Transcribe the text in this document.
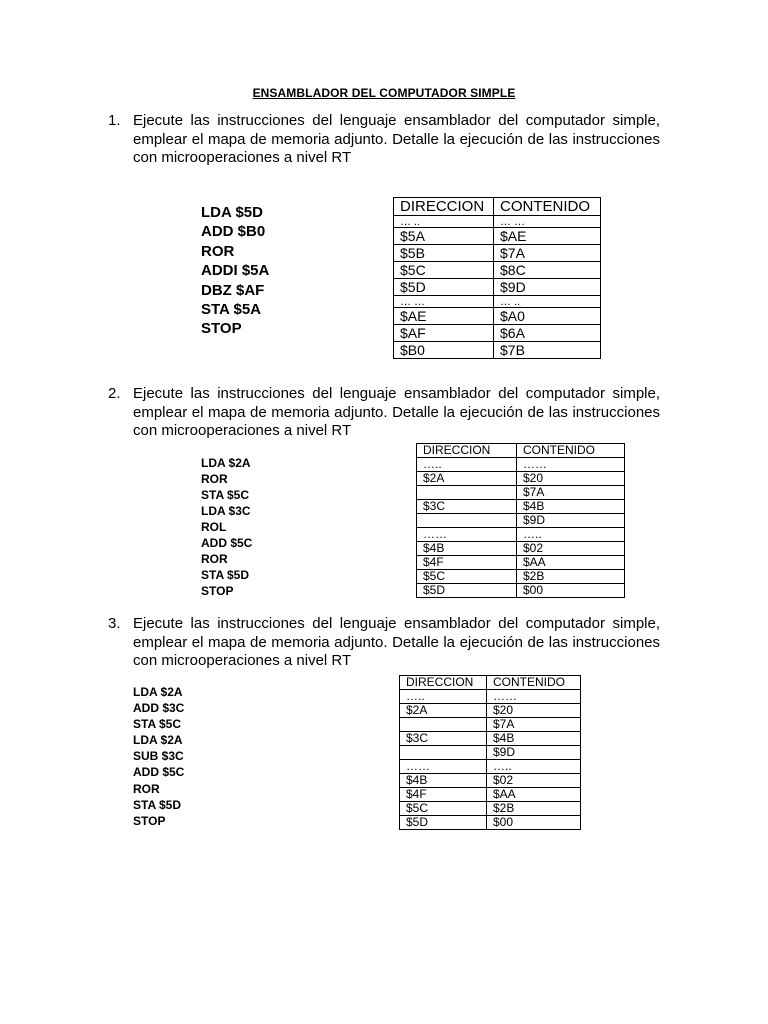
ENSAMBLADOR DEL COMPUTADOR SIMPLE
1. Ejecute las instrucciones del lenguaje ensamblador del computador simple, emplear el mapa de memoria adjunto. Detalle la ejecución de las instrucciones con microoperaciones a nivel RT
LDA $5D
ADD $B0
ROR
ADDI $5A
DBZ $AF
STA $5A
STOP
DIRECCION	CONTENIDO
… ..	… …
$5A	$AE
$5B	$7A
$5C	$8C
$5D	$9D
… …	… ..
$AE	$A0
$AF	$6A
$B0	$7B
2. Ejecute las instrucciones del lenguaje ensamblador del computador simple, emplear el mapa de memoria adjunto. Detalle la ejecución de las instrucciones con microoperaciones a nivel RT
LDA $2A
ROR
STA $5C
LDA $3C
ROL
ADD $5C
ROR
STA $5D
STOP
DIRECCION	CONTENIDO
…..	……
$2A	$20
	$7A
$3C	$4B
	$9D
……	…..
$4B	$02
$4F	$AA
$5C	$2B
$5D	$00
3. Ejecute las instrucciones del lenguaje ensamblador del computador simple, emplear el mapa de memoria adjunto. Detalle la ejecución de las instrucciones con microoperaciones a nivel RT
LDA $2A
ADD $3C
STA $5C
LDA $2A
SUB $3C
ADD $5C
ROR
STA $5D
STOP
DIRECCION	CONTENIDO
…..	……
$2A	$20
	$7A
$3C	$4B
	$9D
……	…..
$4B	$02
$4F	$AA
$5C	$2B
$5D	$00
